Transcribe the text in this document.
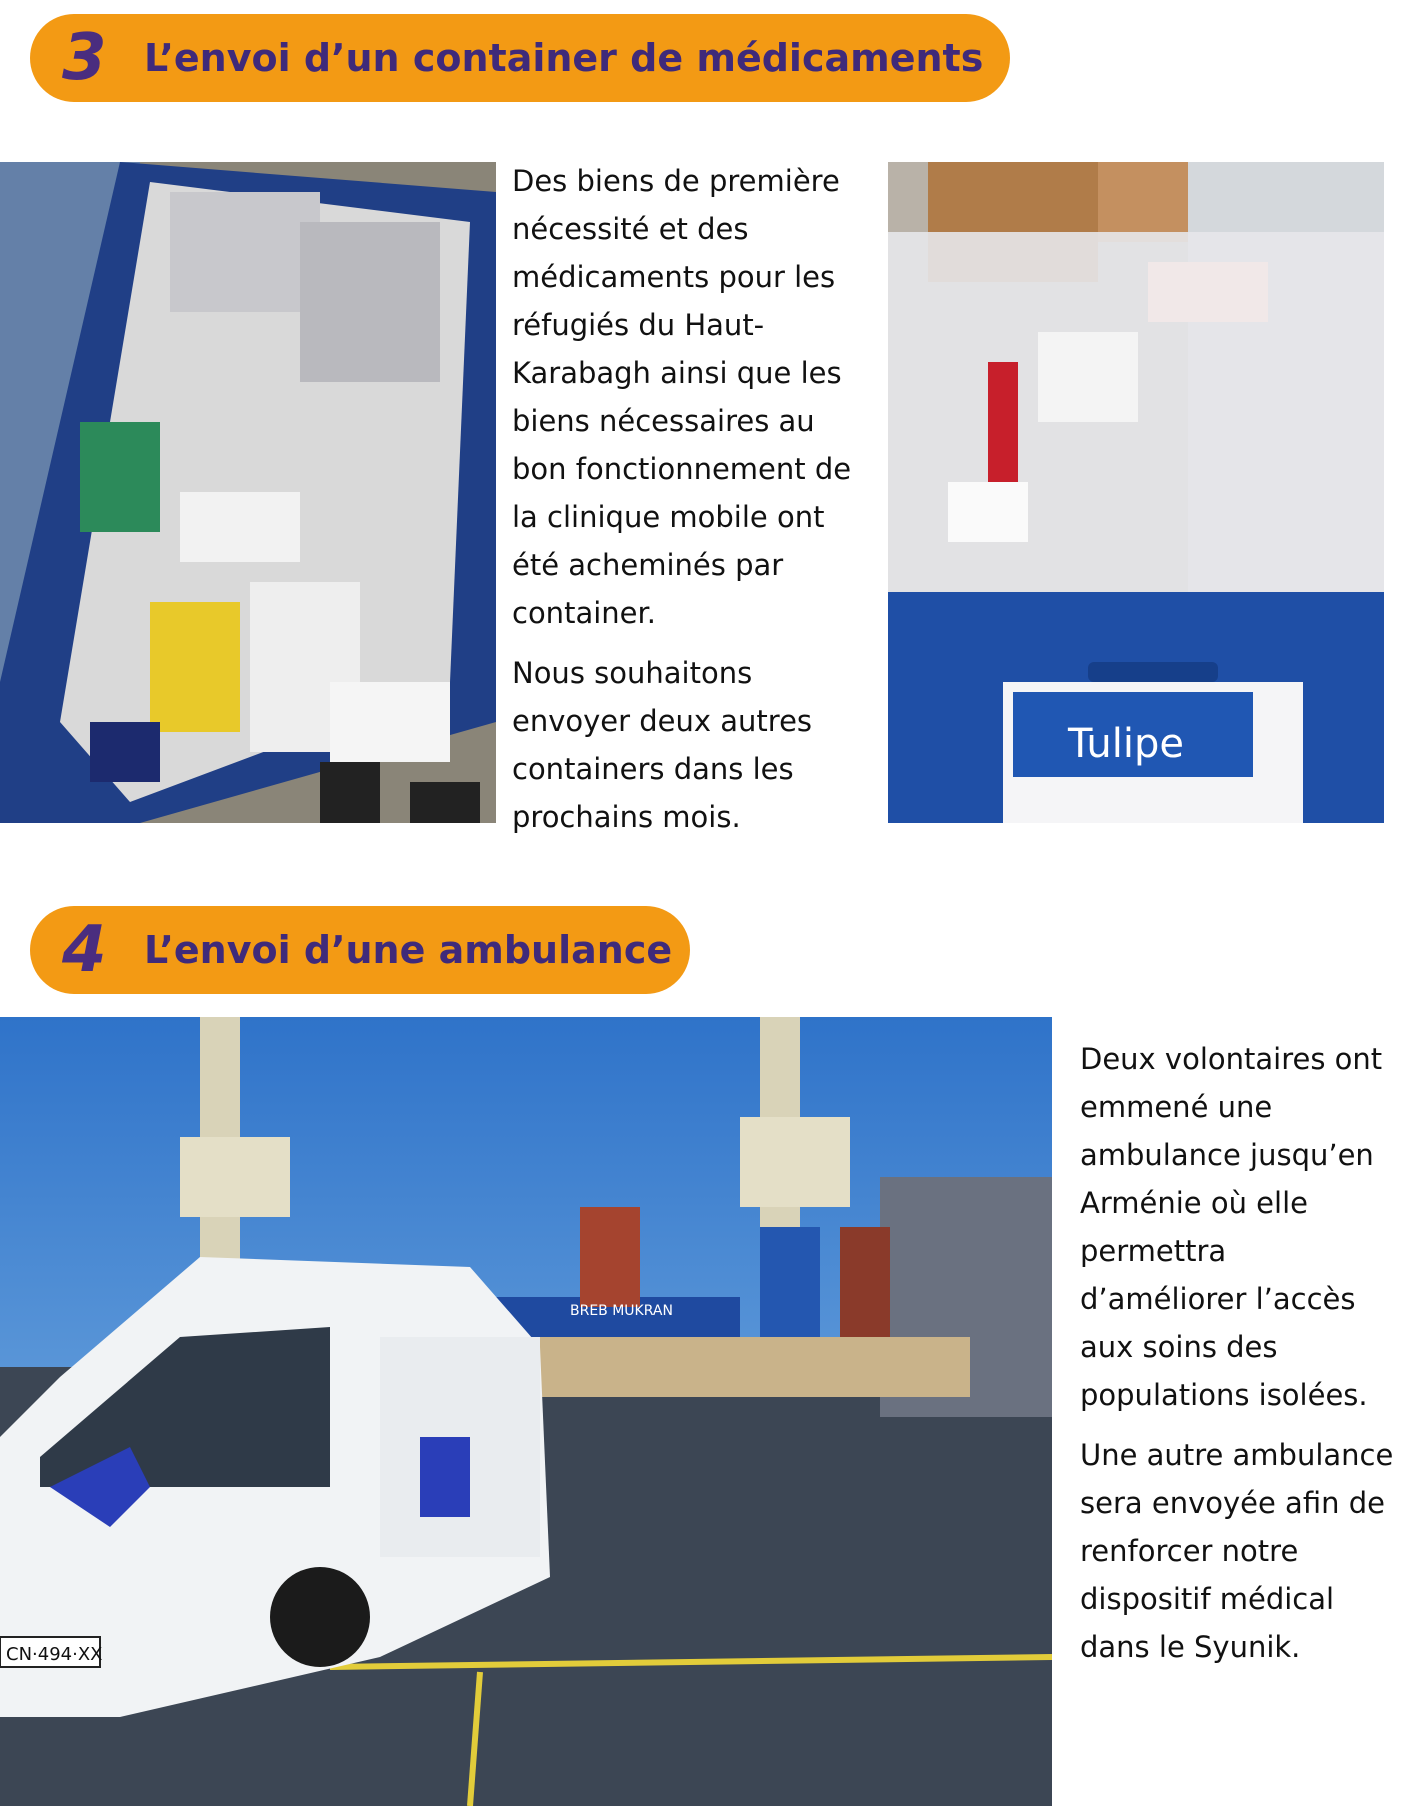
3	L’envoi d’un container de médicaments

Des biens de première nécessité et des médicaments pour les réfugiés du Haut-Karabagh ainsi que les biens nécessaires au bon fonctionnement de la clinique mobile ont été acheminés par container.

Nous souhaitons envoyer deux autres containers dans les prochains mois.

Tulipe
4	L’envoi d’une ambulance
BREB MUKRAN
CN·494·XX

Deux volontaires ont emmené une ambulance jusqu’en Arménie où elle permettra d’améliorer l’accès aux soins des populations isolées.

Une autre ambulance sera envoyée afin de renforcer notre dispositif médical dans le Syunik.
